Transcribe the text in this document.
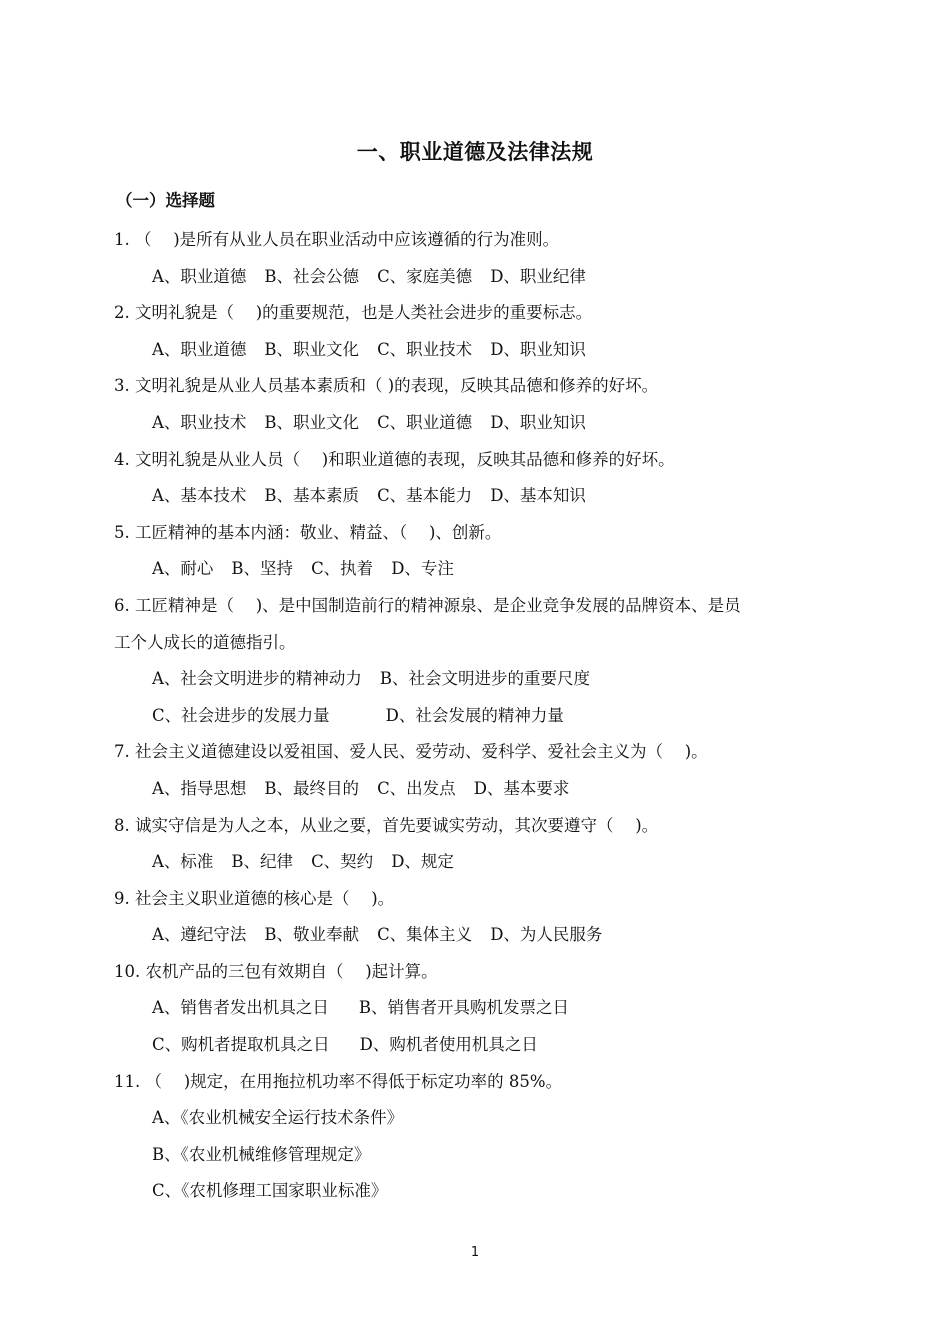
一、职业道德及法律法规
（一）选择题
1. （　 )是所有从业人员在职业活动中应该遵循的行为准则。
A、职业道德 B、社会公德 C、家庭美德 D、职业纪律
2. 文明礼貌是（　 )的重要规范，也是人类社会进步的重要标志。
A、职业道德 B、职业文化 C、职业技术 D、职业知识
3. 文明礼貌是从业人员基本素质和（ )的表现，反映其品德和修养的好坏。
A、职业技术 B、职业文化 C、职业道德 D、职业知识
4. 文明礼貌是从业人员（　 )和职业道德的表现，反映其品德和修养的好坏。
A、基本技术 B、基本素质 C、基本能力 D、基本知识
5. 工匠精神的基本内涵：敬业、精益、（　 )、创新。
A、耐心 B、坚持 C、执着 D、专注
6. 工匠精神是（　 )、是中国制造前行的精神源泉、是企业竞争发展的品牌资本、是员
工个人成长的道德指引。
A、社会文明进步的精神动力 B、社会文明进步的重要尺度
C、社会进步的发展力量	D、社会发展的精神力量
7. 社会主义道德建设以爱祖国、爱人民、爱劳动、爱科学、爱社会主义为（　 )。
A、指导思想 B、最终目的 C、出发点 D、基本要求
8. 诚实守信是为人之本，从业之要，首先要诚实劳动，其次要遵守（　 )。
A、标准 B、纪律 C、契约 D、规定
9. 社会主义职业道德的核心是（　 )。
A、遵纪守法 B、敬业奉献 C、集体主义 D、为人民服务
10. 农机产品的三包有效期自（　 )起计算。
A、销售者发出机具之日 B、销售者开具购机发票之日
C、购机者提取机具之日 D、购机者使用机具之日
11. （　 )规定，在用拖拉机功率不得低于标定功率的 85%。
A、《农业机械安全运行技术条件》
B、《农业机械维修管理规定》
C、《农机修理工国家职业标准》
1
